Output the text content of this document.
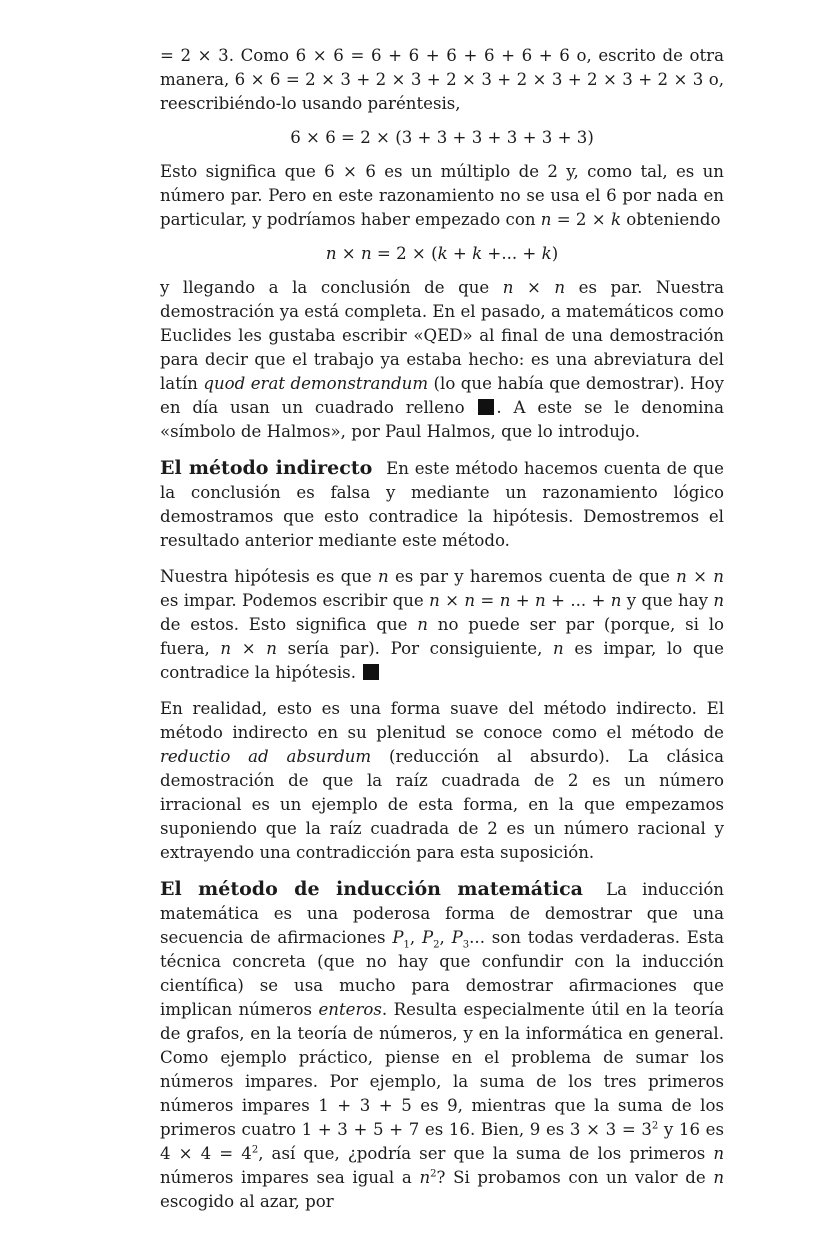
= 2 × 3. Como 6 × 6 = 6 + 6 + 6 + 6 + 6 + 6 o, escrito de otra manera, 6 × 6 = 2 × 3 + 2 × 3 + 2 × 3 + 2 × 3 + 2 × 3 + 2 × 3 o, reescribiéndo-lo usando paréntesis,

6 × 6 = 2 × (3 + 3 + 3 + 3 + 3 + 3)

Esto significa que 6 × 6 es un múltiplo de 2 y, como tal, es un número par. Pero en este razonamiento no se usa el 6 por nada en particular, y podríamos haber empezado con n = 2 × k obteniendo

n × n = 2 × (k + k +... + k)

y llegando a la conclusión de que n × n es par. Nuestra demostración ya está completa. En el pasado, a matemáticos como Euclides les gustaba escribir «QED» al final de una demostración para decir que el trabajo ya estaba hecho: es una abreviatura del latín quod erat demonstrandum (lo que había que demostrar). Hoy en día usan un cuadrado relleno . A este se le denomina «símbolo de Halmos», por Paul Halmos, que lo introdujo.

El método indirecto En este método hacemos cuenta de que la conclusión es falsa y mediante un razonamiento lógico demostramos que esto contradice la hipótesis. Demostremos el resultado anterior mediante este método.

Nuestra hipótesis es que n es par y haremos cuenta de que n × n es impar. Podemos escribir que n × n = n + n + ... + n y que hay n de estos. Esto significa que n no puede ser par (porque, si lo fuera, n × n sería par). Por consiguiente, n es impar, lo que contradice la hipótesis.

En realidad, esto es una forma suave del método indirecto. El método indirecto en su plenitud se conoce como el método de reductio ad absurdum (reducción al absurdo). La clásica demostración de que la raíz cuadrada de 2 es un número irracional es un ejemplo de esta forma, en la que empezamos suponiendo que la raíz cuadrada de 2 es un número racional y extrayendo una contradicción para esta suposición.

El método de inducción matemática La inducción matemática es una poderosa forma de demostrar que una secuencia de afirmaciones $P_1$, $P_2$, $P_3$... son todas verdaderas. Esta técnica concreta (que no hay que confundir con la inducción científica) se usa mucho para demostrar afirmaciones que implican números enteros. Resulta especialmente útil en la teoría de grafos, en la teoría de números, y en la informática en general. Como ejemplo práctico, piense en el problema de sumar los números impares. Por ejemplo, la suma de los tres primeros números impares 1 + 3 + 5 es 9, mientras que la suma de los primeros cuatro 1 + 3 + 5 + 7 es 16. Bien, 9 es $3 \times 3 = 3^2$ y 16 es $4 \times 4 = 4^2$, así que, ¿podría ser que la suma de los primeros n números impares sea igual a $n^2$? Si probamos con un valor de n escogido al azar, por
